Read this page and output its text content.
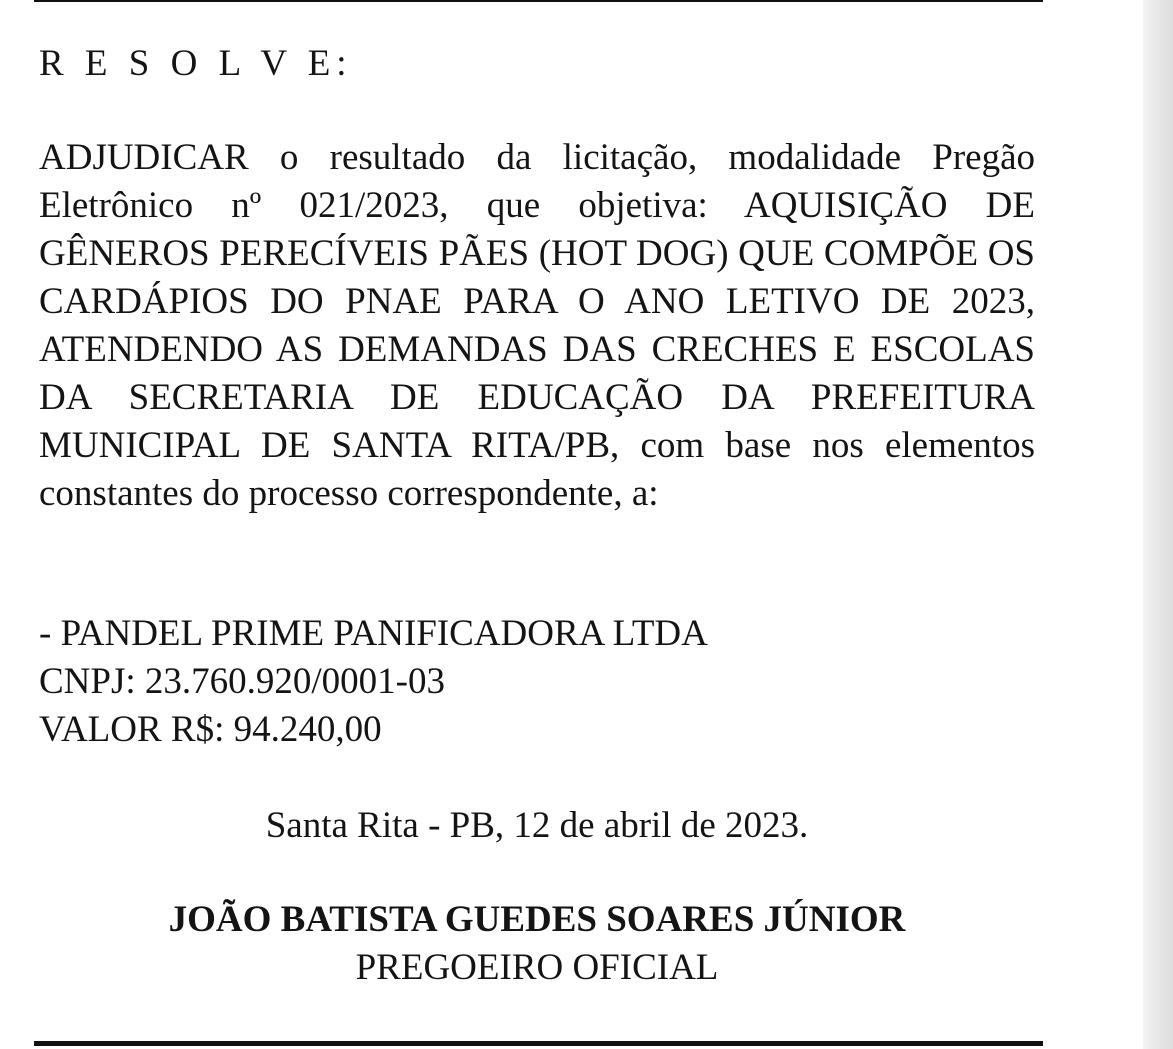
R E S O L V E:
ADJUDICAR o resultado da licitação, modalidade Pregão Eletrônico nº 021/2023, que objetiva: AQUISIÇÃO DE GÊNEROS PERECÍVEIS PÃES (HOT DOG) QUE COMPÕE OS CARDÁPIOS DO PNAE PARA O ANO LETIVO DE 2023, ATENDENDO AS DEMANDAS DAS CRECHES E ESCOLAS DA SECRETARIA DE EDUCAÇÃO DA PREFEITURA MUNICIPAL DE SANTA RITA/PB, com base nos elementos constantes do processo correspondente, a:
- PANDEL PRIME PANIFICADORA LTDA
CNPJ: 23.760.920/0001-03
VALOR R$: 94.240,00
Santa Rita - PB, 12 de abril de 2023.
JOÃO BATISTA GUEDES SOARES JÚNIOR
PREGOEIRO OFICIAL
